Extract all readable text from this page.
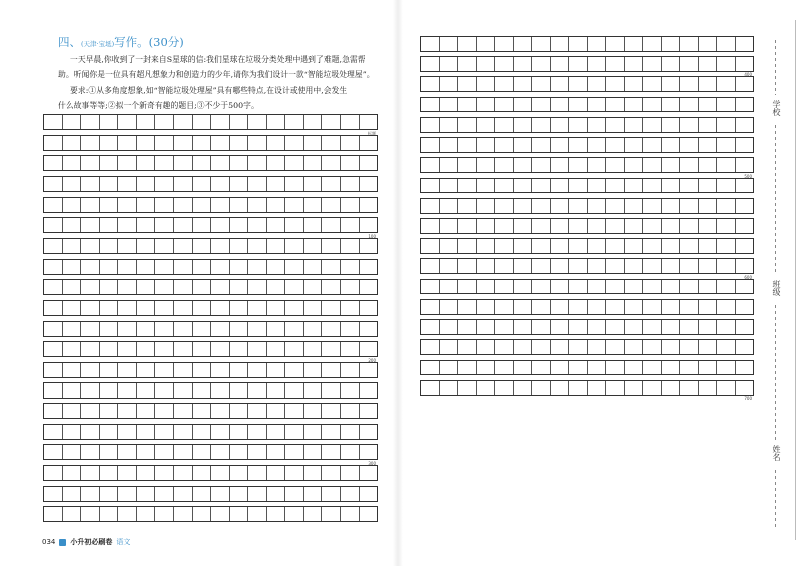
四、(天津·宝坻)写作。(30分)
一天早晨,你收到了一封来自S星球的信:我们星球在垃圾分类处理中遇到了难题,急需帮
助。听闻你是一位具有超凡想象力和创造力的少年,请你为我们设计一款“智能垃圾处理屋”。
要求:①从多角度想象,如“智能垃圾处理屋”具有哪些特点,在设计或使用中,会发生
什么故事等等;②拟一个新奇有趣的题目;③不少于500字。
标题
100
200
300
034 小升初必刷卷 语文
400
500
600
700
学校
班级
姓名
